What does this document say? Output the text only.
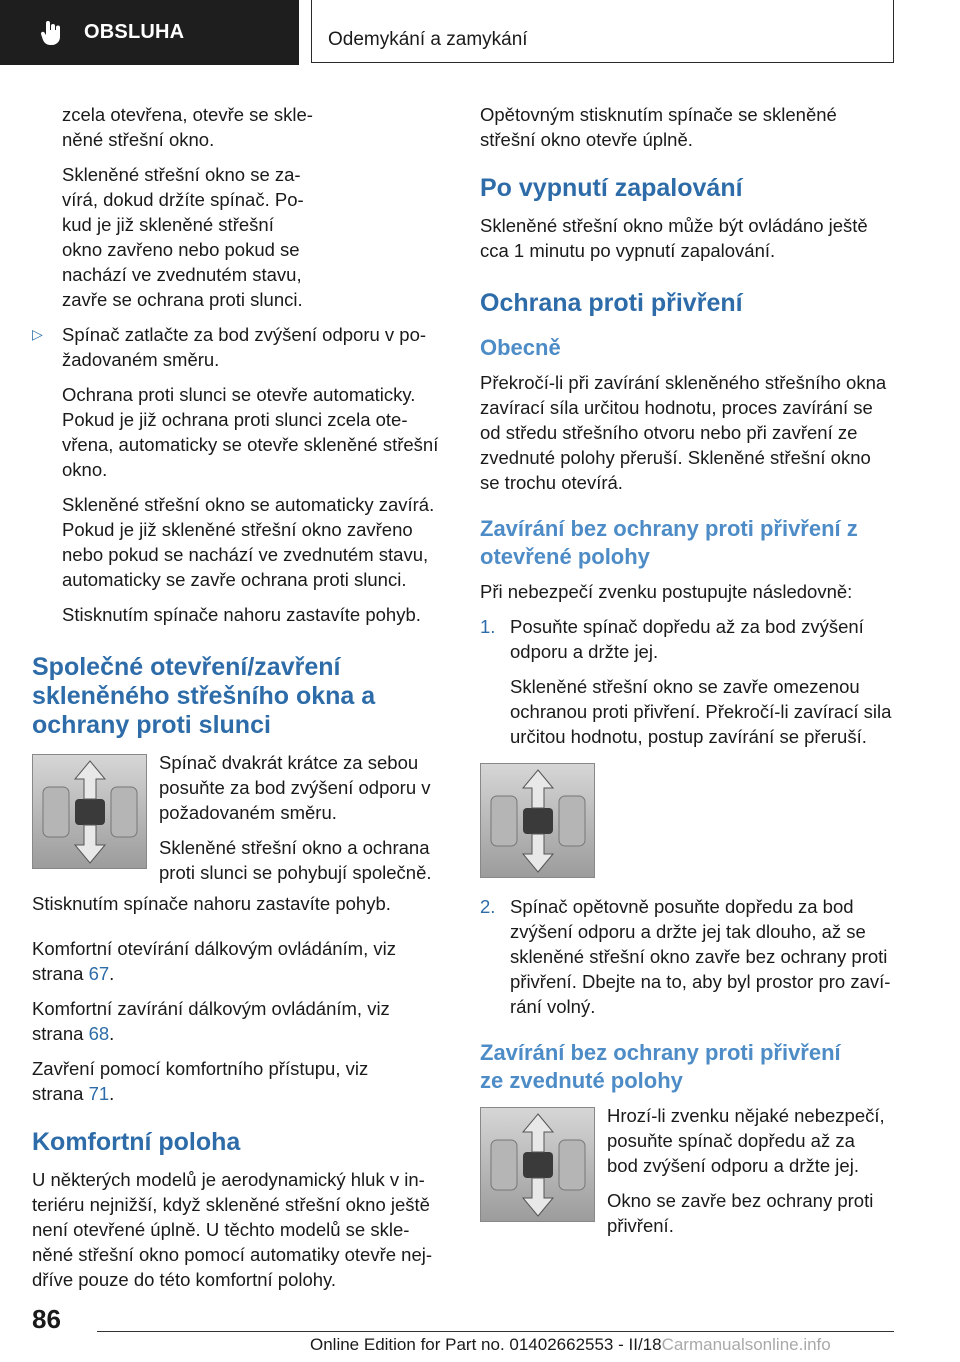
OBSLUHA	Odemykání a zamykání

zcela otevřena, otevře se skle-
něné střešní okno.

Skleněné střešní okno se za-
vírá, dokud držíte spínač. Po-
kud je již skleněné střešní
okno zavřeno nebo pokud se
nachází ve zvednutém stavu,
zavře se ochrana proti slunci.

▷ Spínač zatlačte za bod zvýšení odporu v po-
žadovaném směru.

Ochrana proti slunci se otevře automaticky.
Pokud je již ochrana proti slunci zcela ote-
vřena, automaticky se otevře skleněné střešní
okno.

Skleněné střešní okno se automaticky zavírá.
Pokud je již skleněné střešní okno zavřeno
nebo pokud se nachází ve zvednutém stavu,
automaticky se zavře ochrana proti slunci.

Stisknutím spínače nahoru zastavíte pohyb.

Společné otevření/zavření
skleněného střešního okna a
ochrany proti slunci

Spínač dvakrát krátce za sebou
posuňte za bod zvýšení odporu v
požadovaném směru.

Skleněné střešní okno a ochrana
proti slunci se pohybují společně.

Stisknutím spínače nahoru zastavíte pohyb.

Komfortní otevírání dálkovým ovládáním, viz
strana 67.

Komfortní zavírání dálkovým ovládáním, viz
strana 68.

Zavření pomocí komfortního přístupu, viz
strana 71.

Komfortní poloha

U některých modelů je aerodynamický hluk v in-
teriéru nejnižší, když skleněné střešní okno ještě
není otevřené úplně. U těchto modelů se skle-
něné střešní okno pomocí automatiky otevře nej-
dříve pouze do této komfortní polohy.

Opětovným stisknutím spínače se skleněné
střešní okno otevře úplně.

Po vypnutí zapalování

Skleněné střešní okno může být ovládáno ještě
cca 1 minutu po vypnutí zapalování.

Ochrana proti přivření
Obecně

Překročí-li při zavírání skleněného střešního okna
zavírací síla určitou hodnotu, proces zavírání se
od středu střešního otvoru nebo při zavření ze
zvednuté polohy přeruší. Skleněné střešní okno
se trochu otevírá.

Zavírání bez ochrany proti přivření z
otevřené polohy

Při nebezpečí zvenku postupujte následovně:

1. Posuňte spínač dopředu až za bod zvýšení
odporu a držte jej.

Skleněné střešní okno se zavře omezenou
ochranou proti přivření. Překročí-li zavírací sila
určitou hodnotu, postup zavírání se přeruší.

2. Spínač opětovně posuňte dopředu za bod
zvýšení odporu a držte jej tak dlouho, až se
skleněné střešní okno zavře bez ochrany proti
přivření. Dbejte na to, aby byl prostor pro zaví-
rání volný.

Zavírání bez ochrany proti přivření
ze zvednuté polohy

Hrozí-li zvenku nějaké nebezpečí,
posuňte spínač dopředu až za
bod zvýšení odporu a držte jej.

Okno se zavře bez ochrany proti
přivření.

86
Online Edition for Part no. 01402662553 - II/18Carmanualsonline.info
